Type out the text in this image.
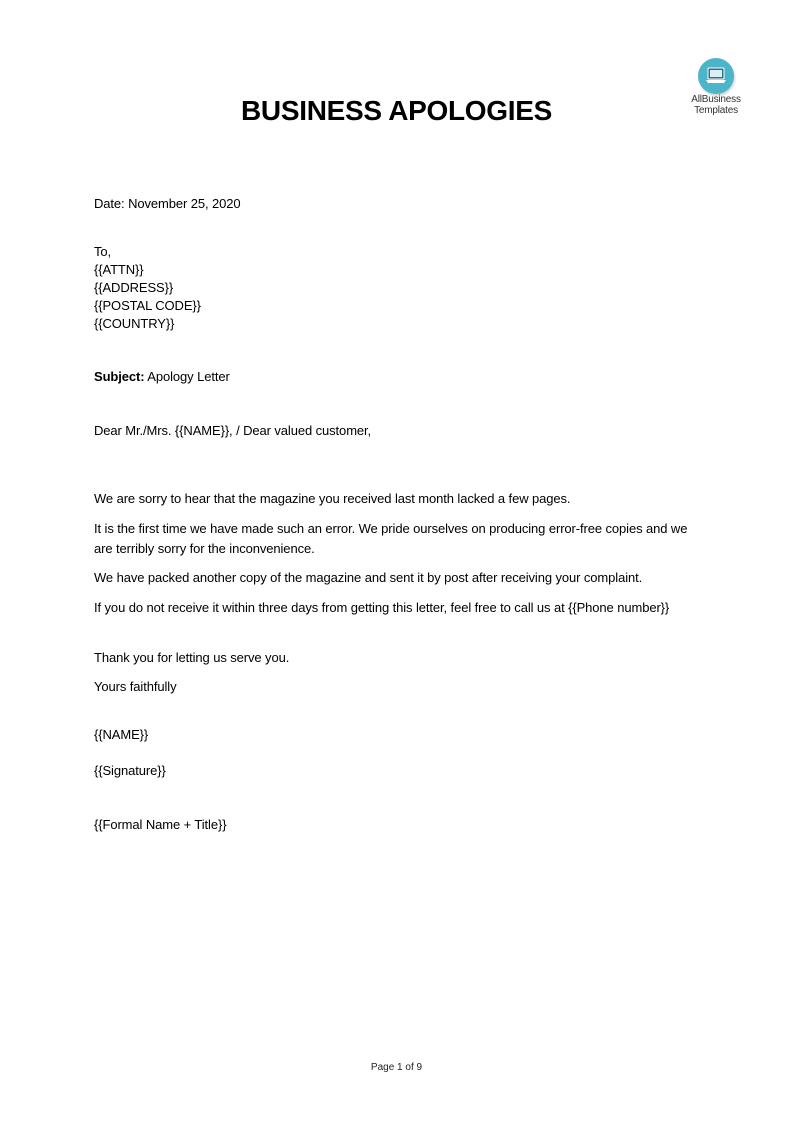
AllBusiness
Templates
BUSINESS APOLOGIES
Date: November 25, 2020
To,
{{ATTN}}
{{ADDRESS}}
{{POSTAL CODE}}
{{COUNTRY}}
Subject: Apology Letter
Dear Mr./Mrs. {{NAME}}, / Dear valued customer,
We are sorry to hear that the magazine you received last month lacked a few pages.
It is the first time we have made such an error. We pride ourselves on producing error-free copies and we are terribly sorry for the inconvenience.
We have packed another copy of the magazine and sent it by post after receiving your complaint.
If you do not receive it within three days from getting this letter, feel free to call us at {{Phone number}}
Thank you for letting us serve you.
Yours faithfully
{{NAME}}
{{Signature}}
{{Formal Name + Title}}
Page 1 of 9
